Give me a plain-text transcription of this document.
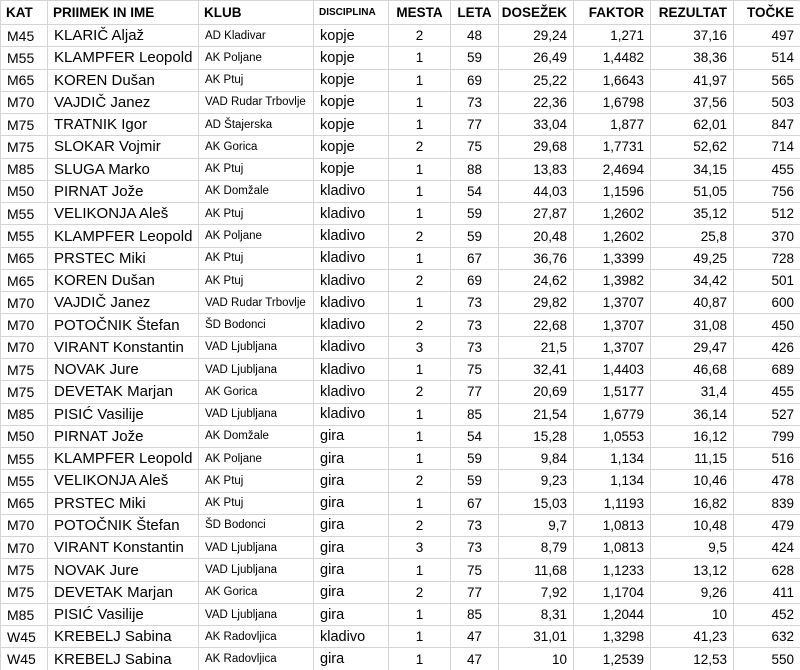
KAT	PRIIMEK IN IME	KLUB	DISCIPLINA	MESTA	LETA	DOSEŽEK	FAKTOR	REZULTAT	TOČKE
M45	KLARIČ Aljaž	AD Kladivar	kopje	2	48	29,24	1,271	37,16	497
M55	KLAMPFER Leopold	AK Poljane	kopje	1	59	26,49	1,4482	38,36	514
M65	KOREN Dušan	AK Ptuj	kopje	1	69	25,22	1,6643	41,97	565
M70	VAJDIČ Janez	VAD Rudar Trbovlje	kopje	1	73	22,36	1,6798	37,56	503
M75	TRATNIK Igor	AD Štajerska	kopje	1	77	33,04	1,877	62,01	847
M75	SLOKAR Vojmir	AK Gorica	kopje	2	75	29,68	1,7731	52,62	714
M85	SLUGA Marko	AK Ptuj	kopje	1	88	13,83	2,4694	34,15	455
M50	PIRNAT Jože	AK Domžale	kladivo	1	54	44,03	1,1596	51,05	756
M55	VELIKONJA Aleš	AK Ptuj	kladivo	1	59	27,87	1,2602	35,12	512
M55	KLAMPFER Leopold	AK Poljane	kladivo	2	59	20,48	1,2602	25,8	370
M65	PRSTEC Miki	AK Ptuj	kladivo	1	67	36,76	1,3399	49,25	728
M65	KOREN Dušan	AK Ptuj	kladivo	2	69	24,62	1,3982	34,42	501
M70	VAJDIČ Janez	VAD Rudar Trbovlje	kladivo	1	73	29,82	1,3707	40,87	600
M70	POTOČNIK Štefan	ŠD Bodonci	kladivo	2	73	22,68	1,3707	31,08	450
M70	VIRANT Konstantin	VAD Ljubljana	kladivo	3	73	21,5	1,3707	29,47	426
M75	NOVAK Jure	VAD Ljubljana	kladivo	1	75	32,41	1,4403	46,68	689
M75	DEVETAK Marjan	AK Gorica	kladivo	2	77	20,69	1,5177	31,4	455
M85	PISIĆ Vasilije	VAD Ljubljana	kladivo	1	85	21,54	1,6779	36,14	527
M50	PIRNAT Jože	AK Domžale	gira	1	54	15,28	1,0553	16,12	799
M55	KLAMPFER Leopold	AK Poljane	gira	1	59	9,84	1,134	11,15	516
M55	VELIKONJA Aleš	AK Ptuj	gira	2	59	9,23	1,134	10,46	478
M65	PRSTEC Miki	AK Ptuj	gira	1	67	15,03	1,1193	16,82	839
M70	POTOČNIK Štefan	ŠD Bodonci	gira	2	73	9,7	1,0813	10,48	479
M70	VIRANT Konstantin	VAD Ljubljana	gira	3	73	8,79	1,0813	9,5	424
M75	NOVAK Jure	VAD Ljubljana	gira	1	75	11,68	1,1233	13,12	628
M75	DEVETAK Marjan	AK Gorica	gira	2	77	7,92	1,1704	9,26	411
M85	PISIĆ Vasilije	VAD Ljubljana	gira	1	85	8,31	1,2044	10	452
W45	KREBELJ Sabina	AK Radovljica	kladivo	1	47	31,01	1,3298	41,23	632
W45	KREBELJ Sabina	AK Radovljica	gira	1	47	10	1,2539	12,53	550
